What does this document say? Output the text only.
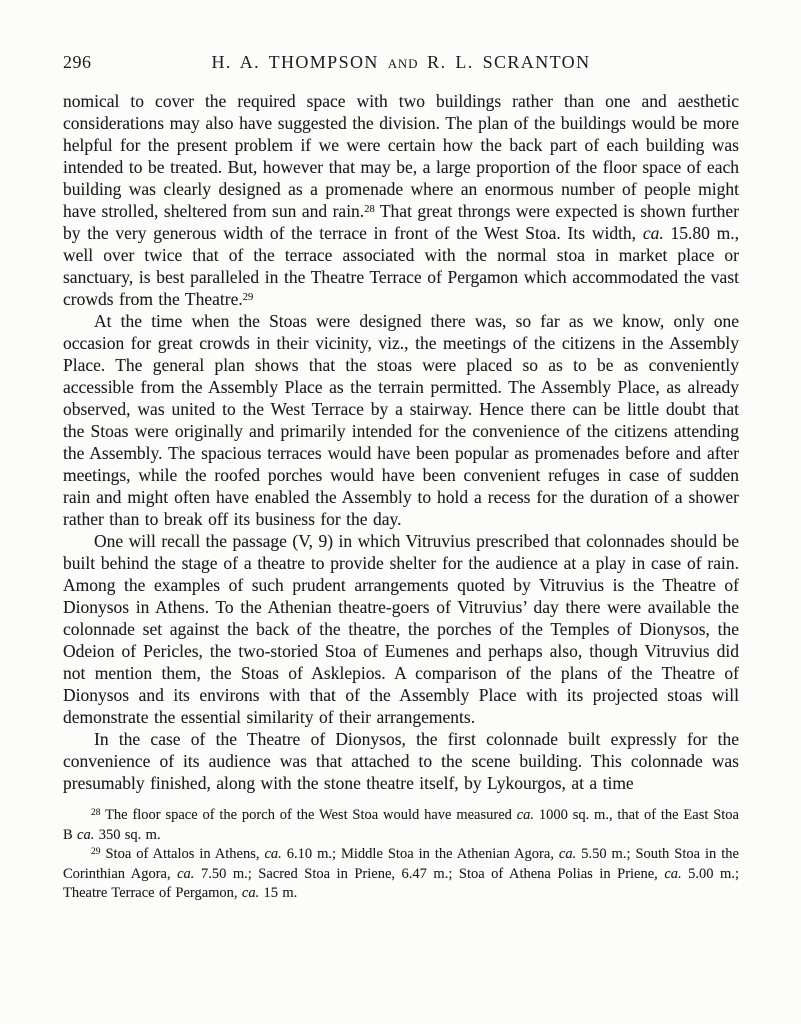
296	H. A. THOMPSON and R. L. SCRANTON

nomical to cover the required space with two buildings rather than one and aesthetic considerations may also have suggested the division. The plan of the buildings would be more helpful for the present problem if we were certain how the back part of each building was intended to be treated. But, however that may be, a large proportion of the floor space of each building was clearly designed as a promenade where an enormous number of people might have strolled, sheltered from sun and rain.$^{28}$ That great throngs were expected is shown further by the very generous width of the terrace in front of the West Stoa. Its width, ca. 15.80 m., well over twice that of the terrace associated with the normal stoa in market place or sanctuary, is best paralleled in the Theatre Terrace of Pergamon which accommodated the vast crowds from the Theatre.$^{29}$

At the time when the Stoas were designed there was, so far as we know, only one occasion for great crowds in their vicinity, viz., the meetings of the citizens in the Assembly Place. The general plan shows that the stoas were placed so as to be as conveniently accessible from the Assembly Place as the terrain permitted. The Assembly Place, as already observed, was united to the West Terrace by a stairway. Hence there can be little doubt that the Stoas were originally and primarily intended for the convenience of the citizens attending the Assembly. The spacious terraces would have been popular as promenades before and after meetings, while the roofed porches would have been convenient refuges in case of sudden rain and might often have enabled the Assembly to hold a recess for the duration of a shower rather than to break off its business for the day.

One will recall the passage (V, 9) in which Vitruvius prescribed that colonnades should be built behind the stage of a theatre to provide shelter for the audience at a play in case of rain. Among the examples of such prudent arrangements quoted by Vitruvius is the Theatre of Dionysos in Athens. To the Athenian theatre-goers of Vitruvius’ day there were available the colonnade set against the back of the theatre, the porches of the Temples of Dionysos, the Odeion of Pericles, the two-storied Stoa of Eumenes and perhaps also, though Vitruvius did not mention them, the Stoas of Asklepios. A comparison of the plans of the Theatre of Dionysos and its environs with that of the Assembly Place with its projected stoas will demonstrate the essential similarity of their arrangements.

In the case of the Theatre of Dionysos, the first colonnade built expressly for the convenience of its audience was that attached to the scene building. This colonnade was presumably finished, along with the stone theatre itself, by Lykourgos, at a time

$^{28}$ The floor space of the porch of the West Stoa would have measured ca. 1000 sq. m., that of the East Stoa B ca. 350 sq. m.

$^{29}$ Stoa of Attalos in Athens, ca. 6.10 m.; Middle Stoa in the Athenian Agora, ca. 5.50 m.; South Stoa in the Corinthian Agora, ca. 7.50 m.; Sacred Stoa in Priene, 6.47 m.; Stoa of Athena Polias in Priene, ca. 5.00 m.; Theatre Terrace of Pergamon, ca. 15 m.
